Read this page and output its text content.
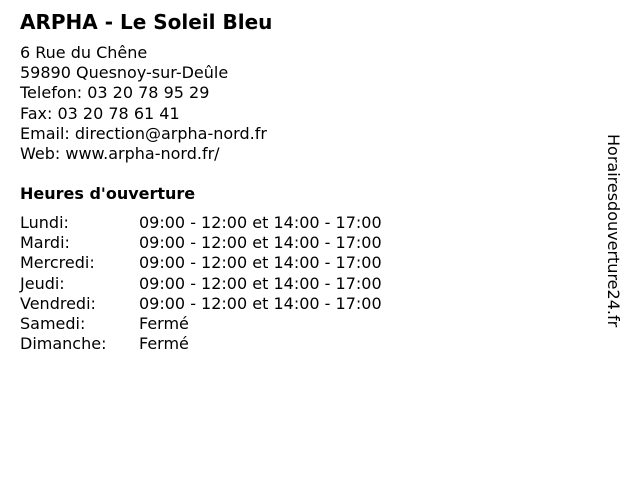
ARPHA - Le Soleil Bleu
6 Rue du Chêne
59890 Quesnoy-sur-Deûle
Telefon: 03 20 78 95 29
Fax: 03 20 78 61 41
Email: direction@arpha-nord.fr
Web: www.arpha-nord.fr/
Heures d'ouverture
Lundi:	09:00 - 12:00 et 14:00 - 17:00
Mardi:	09:00 - 12:00 et 14:00 - 17:00
Mercredi:	09:00 - 12:00 et 14:00 - 17:00
Jeudi:	09:00 - 12:00 et 14:00 - 17:00
Vendredi:	09:00 - 12:00 et 14:00 - 17:00
Samedi:	Fermé
Dimanche:	Fermé
Horairesdouverture24.fr
